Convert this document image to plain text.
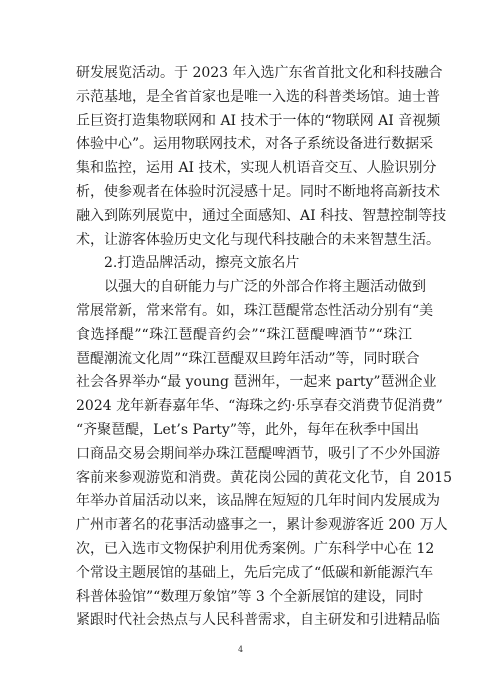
研发展览活动。于 2023 年入选广东省首批文化和科技融合
示范基地，是全省首家也是唯一入选的科普类场馆。迪士普
丘巨资打造集物联网和 AI 技术于一体的“物联网 AI 音视频
体验中心”。运用物联网技术，对各子系统设备进行数据采
集和监控，运用 AI 技术，实现人机语音交互、人脸识别分
析，使参观者在体验时沉浸感十足。同时不断地将高新技术
融入到陈列展览中，通过全面感知、AI 科技、智慧控制等技
术，让游客体验历史文化与现代科技融合的未来智慧生活。
2.打造品牌活动，擦亮文旅名片
以强大的自研能力与广泛的外部合作将主题活动做到
常展常新，常来常有。如，珠江琶醍常态性活动分别有“美
食选择醍”“珠江琶醍音约会”“珠江琶醍啤酒节”“珠江
琶醍潮流文化周”“珠江琶醍双旦跨年活动”等，同时联合
社会各界举办“最 young 琶洲年，一起来 party”琶洲企业
2024 龙年新春嘉年华、“海珠之约·乐享春交消费节促消费”
“齐聚琶醍，Let’s Party”等，此外，每年在秋季中国出
口商品交易会期间举办珠江琶醍啤酒节，吸引了不少外国游
客前来参观游览和消费。黄花岗公园的黄花文化节，自 2015
年举办首届活动以来，该品牌在短短的几年时间内发展成为
广州市著名的花事活动盛事之一，累计参观游客近 200 万人
次，已入选市文物保护利用优秀案例。广东科学中心在 12
个常设主题展馆的基础上，先后完成了“低碳和新能源汽车
科普体验馆”“数理万象馆”等 3 个全新展馆的建设，同时
紧跟时代社会热点与人民科普需求，自主研发和引进精品临
4
